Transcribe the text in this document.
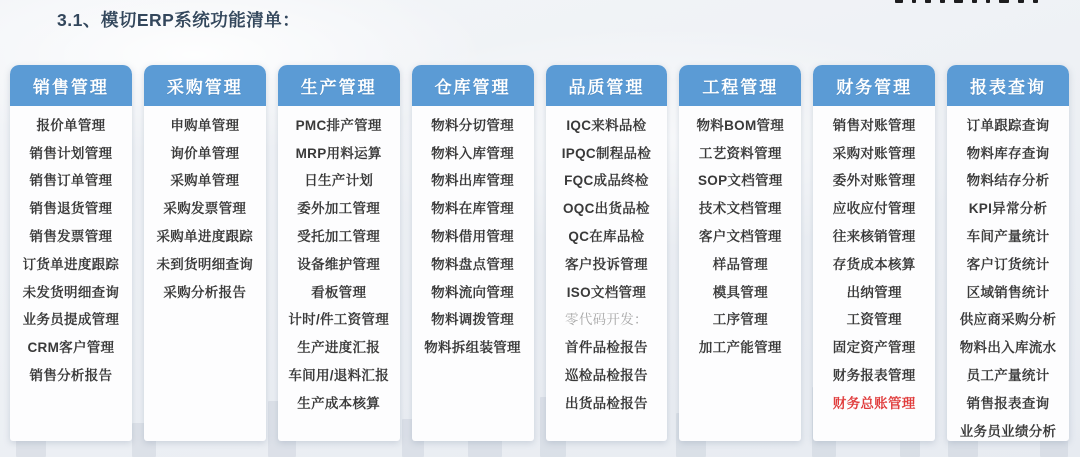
3.1、模切ERP系统功能清单：
销售管理
报价单管理
销售计划管理
销售订单管理
销售退货管理
销售发票管理
订货单进度跟踪
未发货明细查询
业务员提成管理
CRM客户管理
销售分析报告
采购管理
申购单管理
询价单管理
采购单管理
采购发票管理
采购单进度跟踪
未到货明细查询
采购分析报告
生产管理
PMC排产管理
MRP用料运算
日生产计划
委外加工管理
受托加工管理
设备维护管理
看板管理
计时/件工资管理
生产进度汇报
车间用/退料汇报
生产成本核算
仓库管理
物料分切管理
物料入库管理
物料出库管理
物料在库管理
物料借用管理
物料盘点管理
物料流向管理
物料调拨管理
物料拆组装管理
品质管理
IQC来料品检
IPQC制程品检
FQC成品终检
OQC出货品检
QC在库品检
客户投诉管理
ISO文档管理
零代码开发：
首件品检报告
巡检品检报告
出货品检报告
工程管理
物料BOM管理
工艺资料管理
SOP文档管理
技术文档管理
客户文档管理
样品管理
模具管理
工序管理
加工产能管理
财务管理
销售对账管理
采购对账管理
委外对账管理
应收应付管理
往来核销管理
存货成本核算
出纳管理
工资管理
固定资产管理
财务报表管理
财务总账管理
报表查询
订单跟踪查询
物料库存查询
物料结存分析
KPI异常分析
车间产量统计
客户订货统计
区域销售统计
供应商采购分析
物料出入库流水
员工产量统计
销售报表查询
业务员业绩分析
